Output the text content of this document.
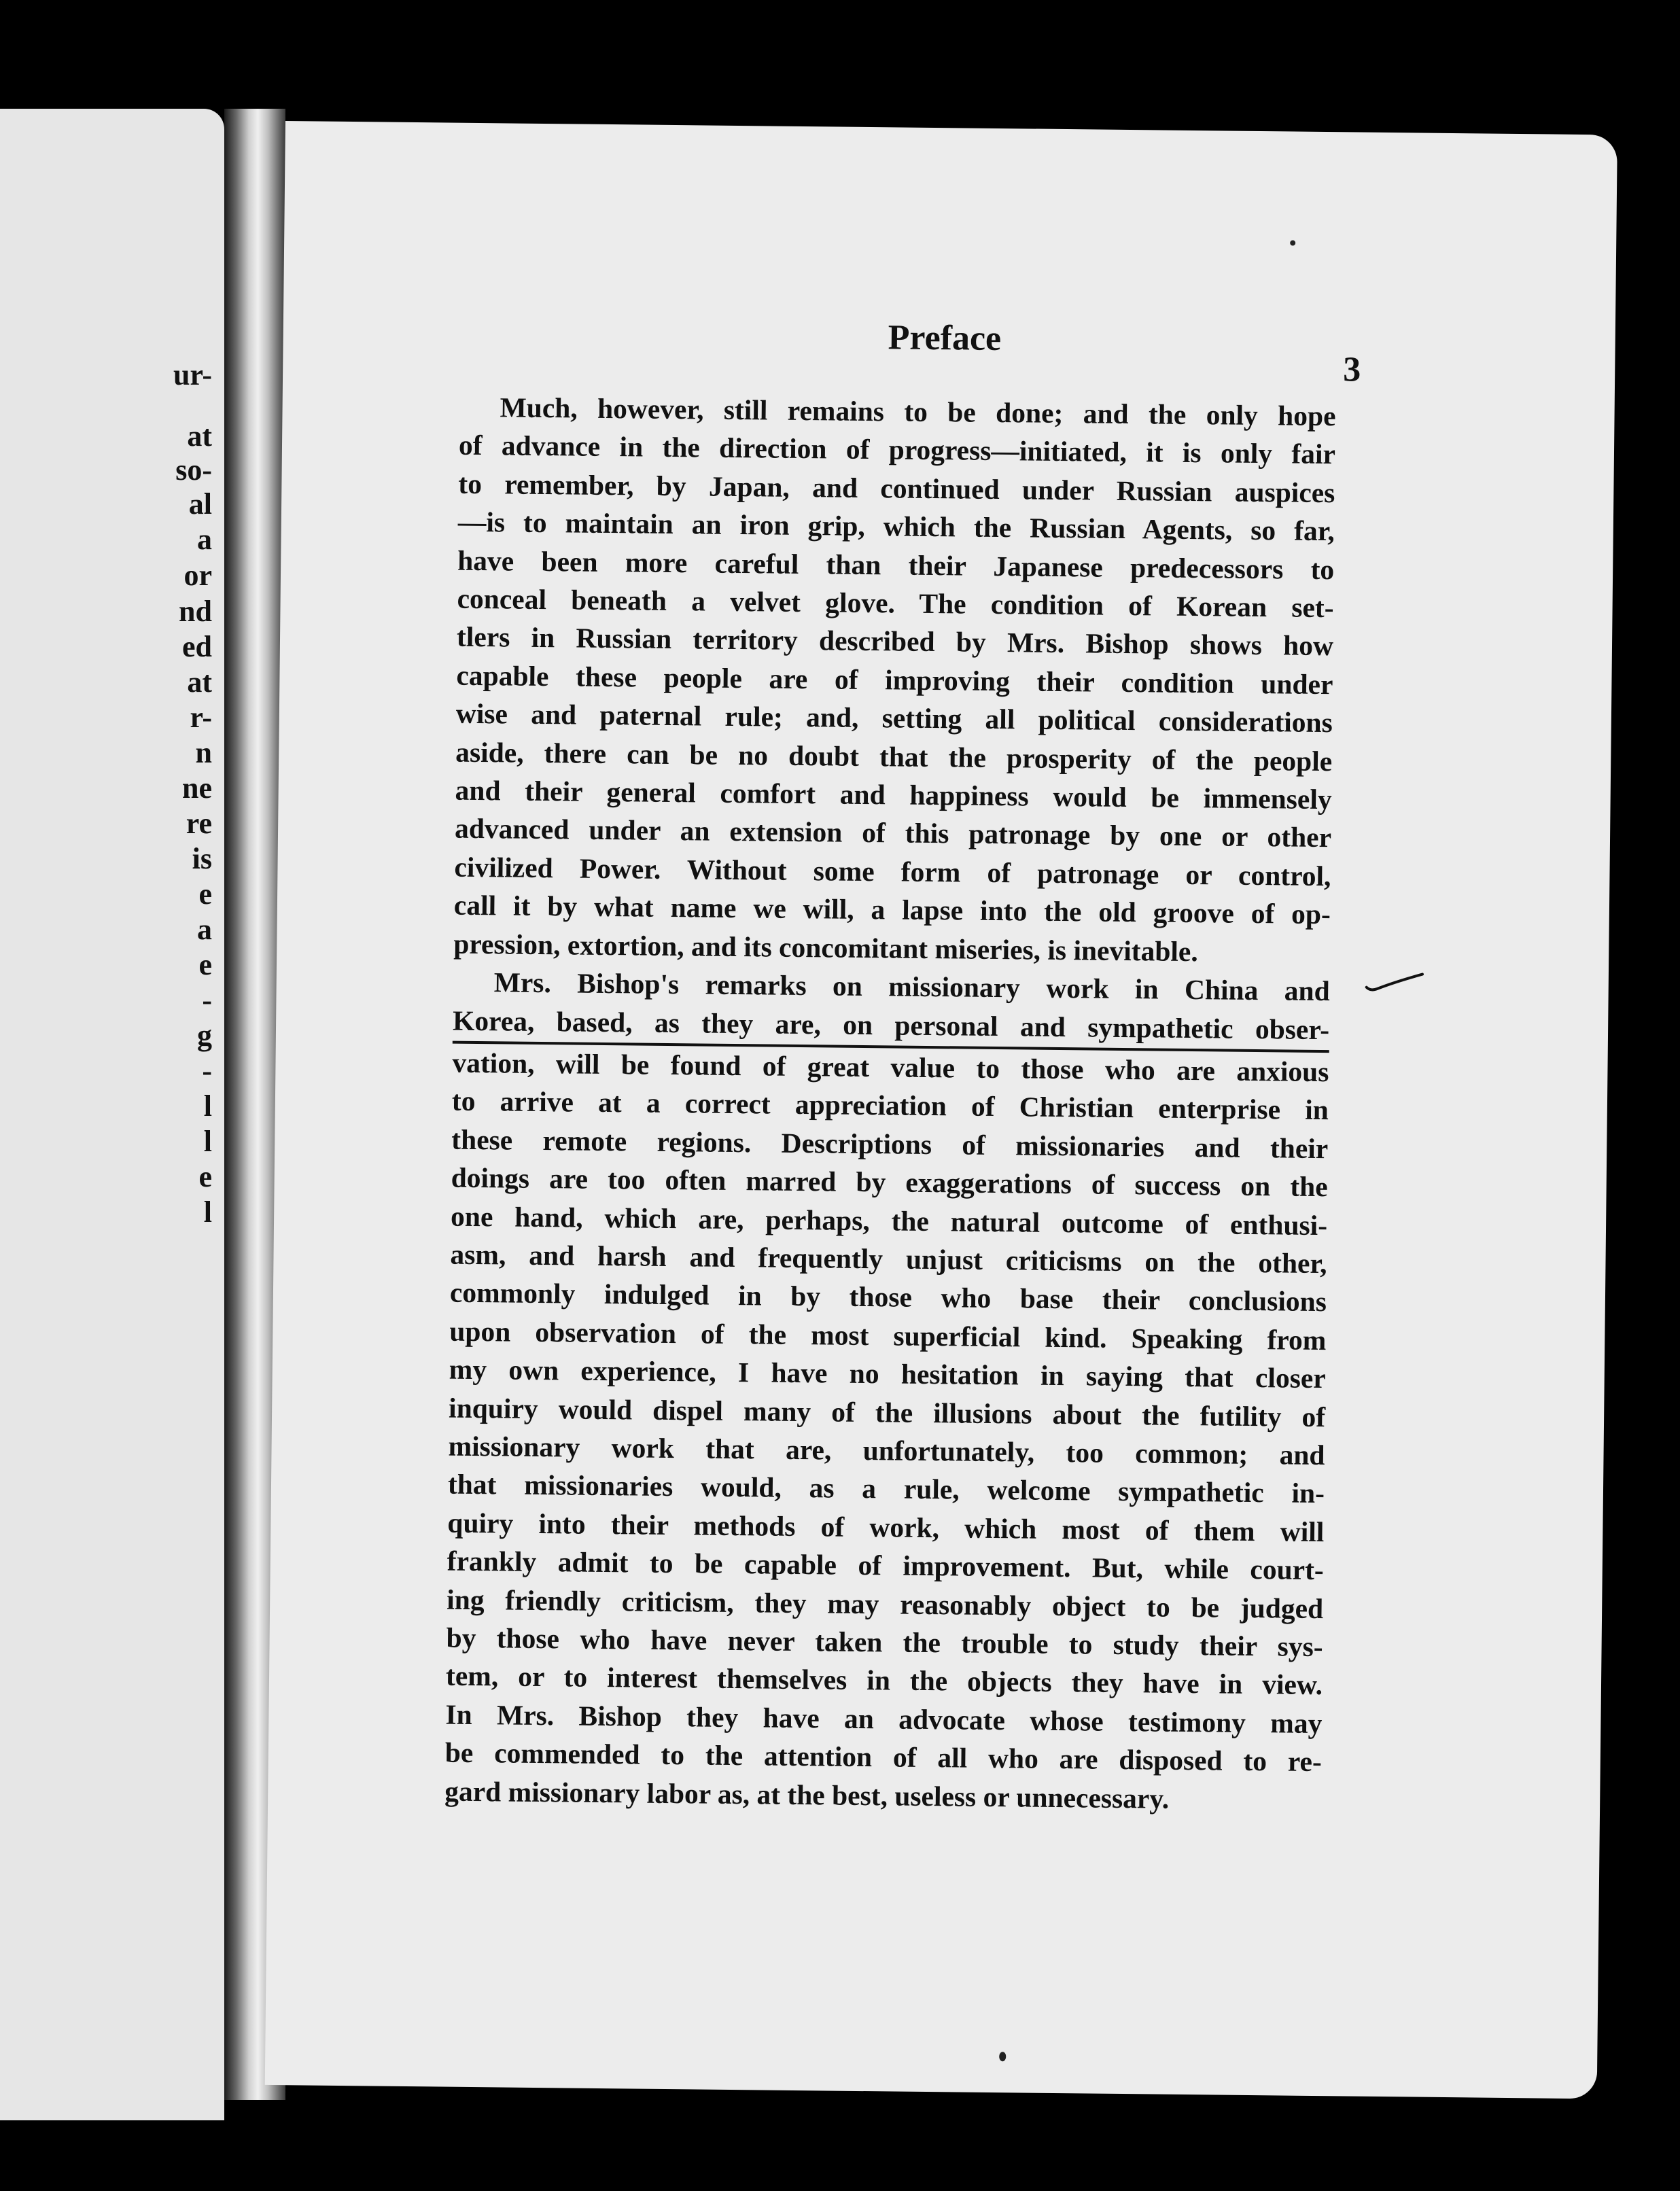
ur-
at
so-
al
a
or
nd
ed
at
r-
n
ne
re
is
e
a
e
-
g
-
l
l
e
l
Preface
3

Much, however, still remains to be done; and the only hope
of advance in the direction of progress—initiated, it is only fair
to remember, by Japan, and continued under Russian auspices
—is to maintain an iron grip, which the Russian Agents, so far,
have been more careful than their Japanese predecessors to
conceal beneath a velvet glove. The condition of Korean set-
tlers in Russian territory described by Mrs. Bishop shows how
capable these people are of improving their condition under
wise and paternal rule; and, setting all political considerations
aside, there can be no doubt that the prosperity of the people
and their general comfort and happiness would be immensely
advanced under an extension of this patronage by one or other
civilized Power. Without some form of patronage or control,
call it by what name we will, a lapse into the old groove of op-
pression, extortion, and its concomitant miseries, is inevitable.

Mrs. Bishop's remarks on missionary work in China and
Korea, based, as they are, on personal and sympathetic obser-
vation, will be found of great value to those who are anxious
to arrive at a correct appreciation of Christian enterprise in
these remote regions. Descriptions of missionaries and their
doings are too often marred by exaggerations of success on the
one hand, which are, perhaps, the natural outcome of enthusi-
asm, and harsh and frequently unjust criticisms on the other,
commonly indulged in by those who base their conclusions
upon observation of the most superficial kind. Speaking from
my own experience, I have no hesitation in saying that closer
inquiry would dispel many of the illusions about the futility of
missionary work that are, unfortunately, too common; and
that missionaries would, as a rule, welcome sympathetic in-
quiry into their methods of work, which most of them will
frankly admit to be capable of improvement. But, while court-
ing friendly criticism, they may reasonably object to be judged
by those who have never taken the trouble to study their sys-
tem, or to interest themselves in the objects they have in view.
In Mrs. Bishop they have an advocate whose testimony may
be commended to the attention of all who are disposed to re-
gard missionary labor as, at the best, useless or unnecessary.
